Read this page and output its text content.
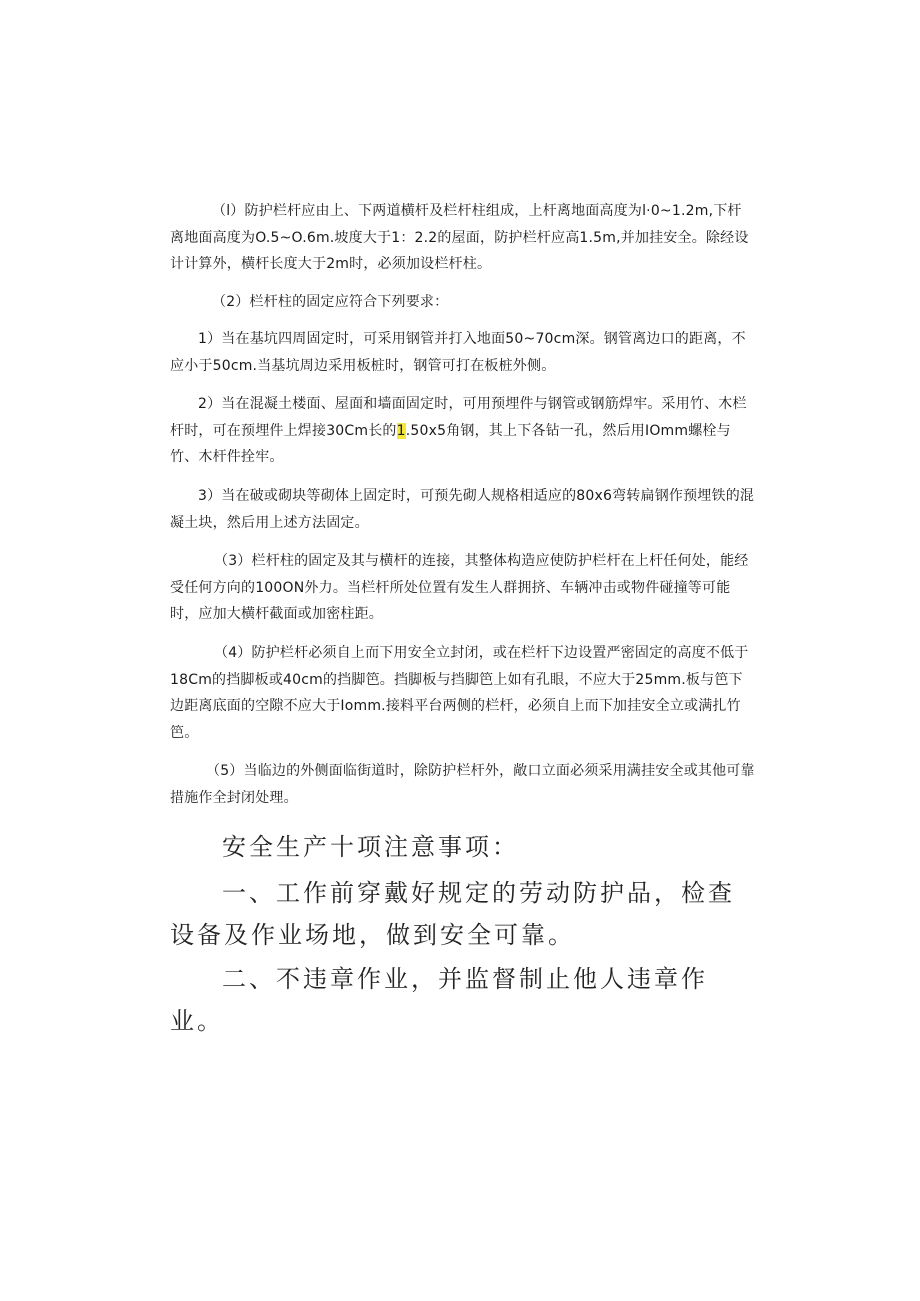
（l）防护栏杆应由上、下两道横杆及栏杆柱组成，上杆离地面高度为l·0~1.2m,下杆离地面高度为O.5~O.6m.坡度大于1：2.2的屋面，防护栏杆应高1.5m,并加挂安全。除经设计计算外，横杆长度大于2m时，必须加设栏杆柱。

（2）栏杆柱的固定应符合下列要求：

1）当在基坑四周固定时，可采用钢管并打入地面50~70cm深。钢管离边口的距离，不应小于50cm.当基坑周边采用板桩时，钢管可打在板桩外侧。

2）当在混凝土楼面、屋面和墙面固定时，可用预埋件与钢管或钢筋焊牢。采用竹、木栏杆时，可在预埋件上焊接30Cm长的1.50x5角钢，其上下各钻一孔，然后用IOmm螺栓与竹、木杆件拴牢。

3）当在破或砌块等砌体上固定时，可预先砌人规格相适应的80x6弯转扁钢作预埋铁的混凝土块，然后用上述方法固定。

（3）栏杆柱的固定及其与横杆的连接，其整体构造应使防护栏杆在上杆任何处，能经受任何方向的100ON外力。当栏杆所处位置有发生人群拥挤、车辆冲击或物件碰撞等可能时，应加大横杆截面或加密柱距。

（4）防护栏杆必须自上而下用安全立封闭，或在栏杆下边设置严密固定的高度不低于18Cm的挡脚板或40cm的挡脚笆。挡脚板与挡脚笆上如有孔眼，不应大于25mm.板与笆下边距离底面的空隙不应大于Iomm.接料平台两侧的栏杆，必须自上而下加挂安全立或满扎竹笆。

（5）当临边的外侧面临街道时，除防护栏杆外，敞口立面必须采用满挂安全或其他可靠措施作全封闭处理。

安全生产十项注意事项：

一、工作前穿戴好规定的劳动防护品，检查设备及作业场地，做到安全可靠。

二、不违章作业，并监督制止他人违章作业。
